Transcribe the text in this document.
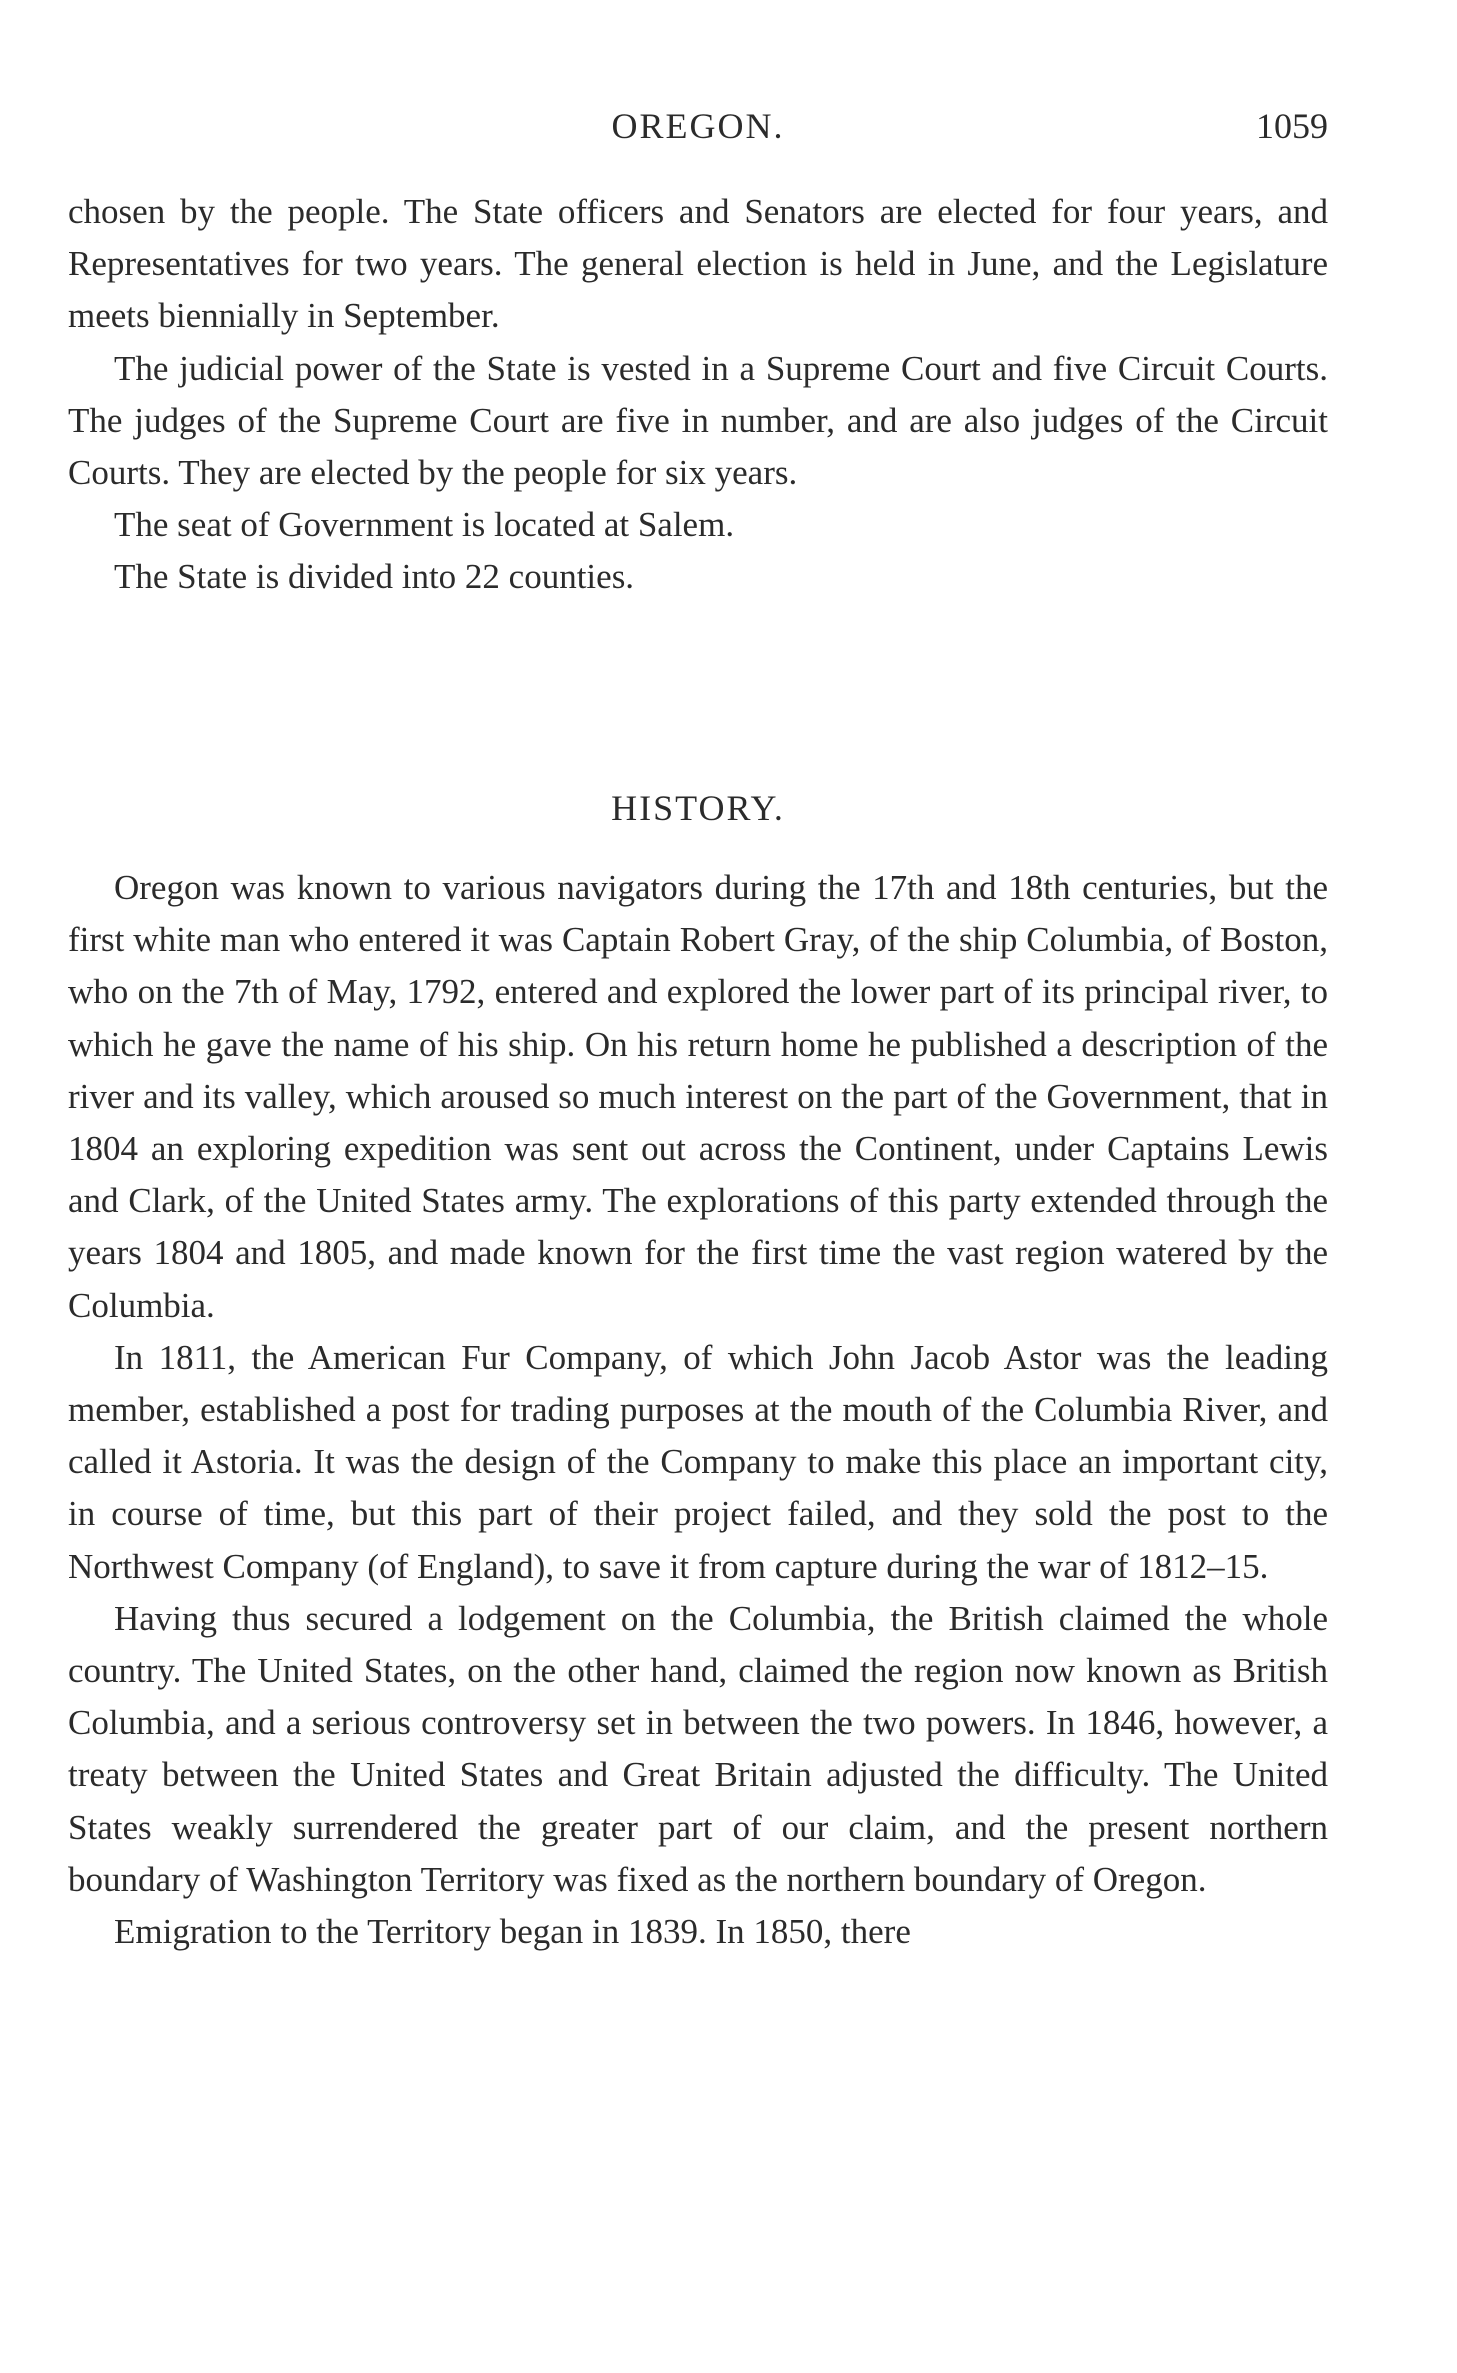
OREGON.	1059

chosen by the people. The State officers and Senators are elected for four years, and Representatives for two years. The general election is held in June, and the Legislature meets biennially in September.

The judicial power of the State is vested in a Supreme Court and five Circuit Courts. The judges of the Supreme Court are five in number, and are also judges of the Circuit Courts. They are elected by the people for six years.

The seat of Government is located at Salem.

The State is divided into 22 counties.

HISTORY.

Oregon was known to various navigators during the 17th and 18th centuries, but the first white man who entered it was Captain Robert Gray, of the ship Columbia, of Boston, who on the 7th of May, 1792, entered and explored the lower part of its principal river, to which he gave the name of his ship. On his return home he published a description of the river and its valley, which aroused so much interest on the part of the Government, that in 1804 an exploring expedition was sent out across the Continent, under Captains Lewis and Clark, of the United States army. The explorations of this party extended through the years 1804 and 1805, and made known for the first time the vast region watered by the Columbia.

In 1811, the American Fur Company, of which John Jacob Astor was the leading member, established a post for trading purposes at the mouth of the Columbia River, and called it Astoria. It was the design of the Company to make this place an important city, in course of time, but this part of their project failed, and they sold the post to the Northwest Company (of England), to save it from capture during the war of 1812–15.

Having thus secured a lodgement on the Columbia, the British claimed the whole country. The United States, on the other hand, claimed the region now known as British Columbia, and a serious controversy set in between the two powers. In 1846, however, a treaty between the United States and Great Britain adjusted the difficulty. The United States weakly surrendered the greater part of our claim, and the present northern boundary of Washington Territory was fixed as the northern boundary of Oregon.

Emigration to the Territory began in 1839. In 1850, there
